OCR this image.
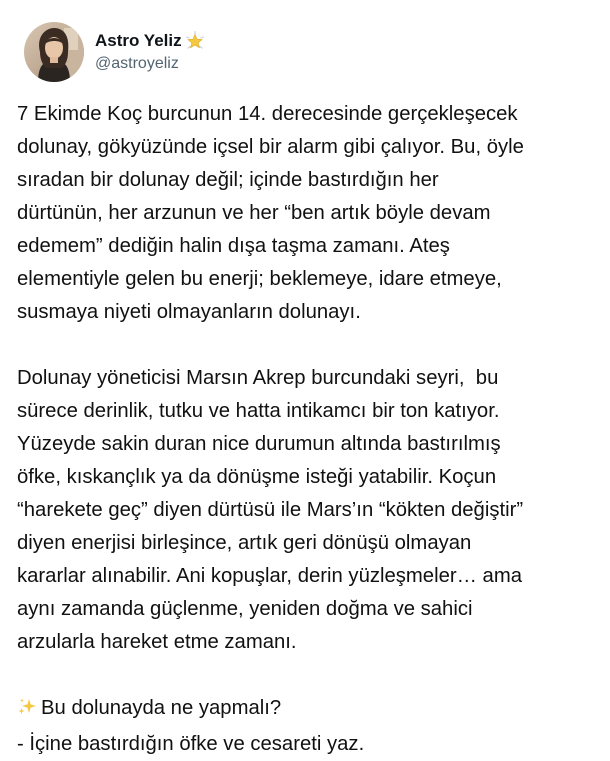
Astro Yeliz
@astroyeliz
7 Ekimde Koç burcunun 14. derecesinde gerçekleşecek
dolunay, gökyüzünde içsel bir alarm gibi çalıyor. Bu, öyle
sıradan bir dolunay değil; içinde bastırdığın her
dürtünün, her arzunun ve her “ben artık böyle devam
edemem” dediğin halin dışa taşma zamanı. Ateş
elementiyle gelen bu enerji; beklemeye, idare etmeye,
susmaya niyeti olmayanların dolunayı.
Dolunay yöneticisi Marsın Akrep burcundaki seyri,  bu
sürece derinlik, tutku ve hatta intikamcı bir ton katıyor.
Yüzeyde sakin duran nice durumun altında bastırılmış
öfke, kıskançlık ya da dönüşme isteği yatabilir. Koçun
“harekete geç” diyen dürtüsü ile Mars’ın “kökten değiştir”
diyen enerjisi birleşince, artık geri dönüşü olmayan
kararlar alınabilir. Ani kopuşlar, derin yüzleşmeler… ama
aynı zamanda güçlenme, yeniden doğma ve sahici
arzularla hareket etme zamanı.
Bu dolunayda ne yapmalı?
- İçine bastırdığın öfke ve cesareti yaz.
